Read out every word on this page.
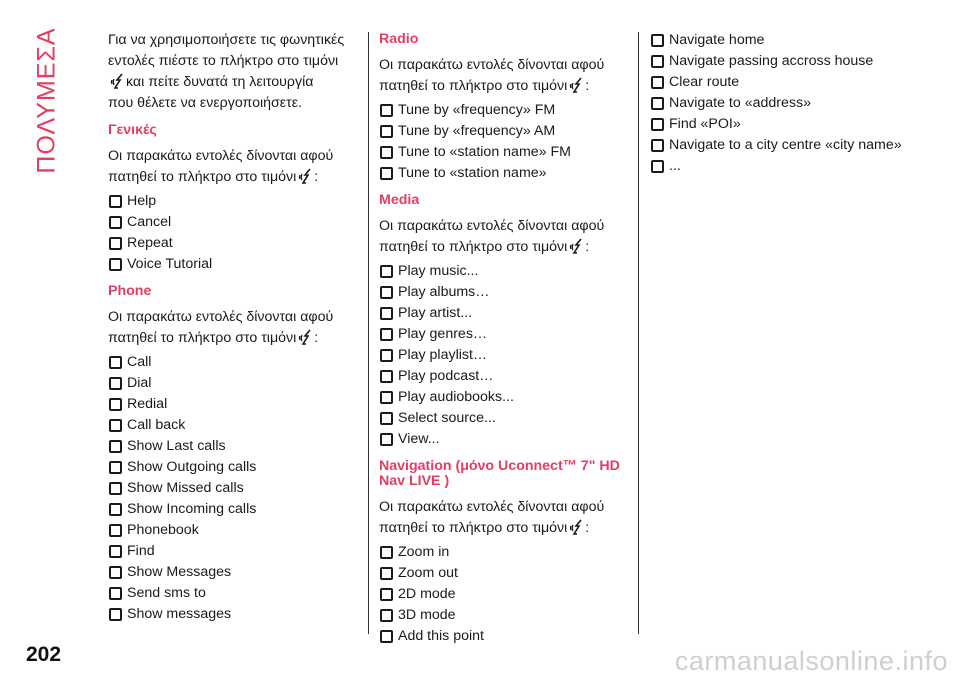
ΠΟΛΥΜΕΣΑ	Για να χρησιμοποιήσετε τις φωνητικές
εντολές πιέστε το πλήκτρο στο τιμόνι
και πείτε δυνατά τη λειτουργία
που θέλετε να ενεργοποιήσετε.
Γενικές
Οι παρακάτω εντολές δίνονται αφού
πατηθεί το πλήκτρο στο τιμόνι :
Help
Cancel
Repeat
Voice Tutorial
Phone
Οι παρακάτω εντολές δίνονται αφού
πατηθεί το πλήκτρο στο τιμόνι :
Call
Dial
Redial
Call back
Show Last calls
Show Outgoing calls
Show Missed calls
Show Incoming calls
Phonebook
Find
Show Messages
Send sms to
Show messages
Radio
Οι παρακάτω εντολές δίνονται αφού
πατηθεί το πλήκτρο στο τιμόνι :
Tune by «frequency» FM
Tune by «frequency» AM
Tune to «station name» FM
Tune to «station name»
Media
Οι παρακάτω εντολές δίνονται αφού
πατηθεί το πλήκτρο στο τιμόνι :
Play music...
Play albums…
Play artist...
Play genres…
Play playlist…
Play podcast…
Play audiobooks...
Select source...
View...
Navigation (μόνο Uconnect™ 7" HD
Nav LIVE )
Οι παρακάτω εντολές δίνονται αφού
πατηθεί το πλήκτρο στο τιμόνι :
Zoom in
Zoom out
2D mode
3D mode
Add this point
Navigate home
Navigate passing accross house
Clear route
Navigate to «address»
Find «POI»
Navigate to a city centre «city name»
...
202	carmanualsonline.info
